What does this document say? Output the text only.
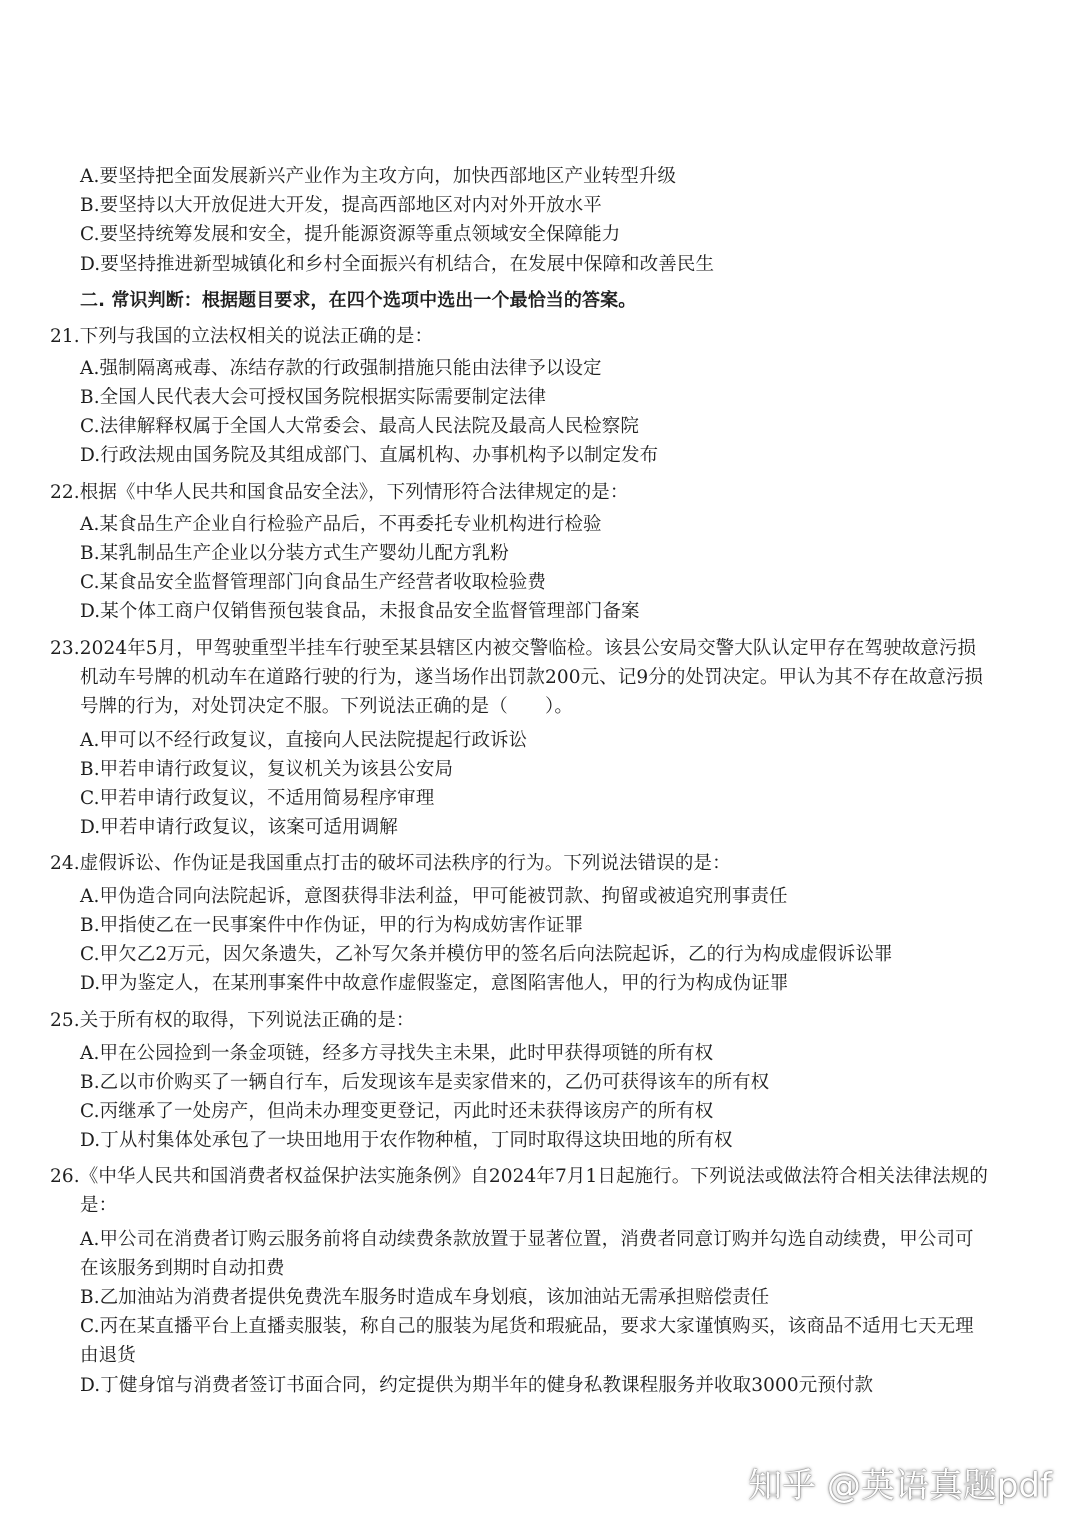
A.要坚持把全面发展新兴产业作为主攻方向，加快西部地区产业转型升级
B.要坚持以大开放促进大开发，提高西部地区对内对外开放水平
C.要坚持统筹发展和安全，提升能源资源等重点领域安全保障能力
D.要坚持推进新型城镇化和乡村全面振兴有机结合，在发展中保障和改善民生
二. 常识判断：根据题目要求，在四个选项中选出一个最恰当的答案。
21.下列与我国的立法权相关的说法正确的是：
A.强制隔离戒毒、冻结存款的行政强制措施只能由法律予以设定
B.全国人民代表大会可授权国务院根据实际需要制定法律
C.法律解释权属于全国人大常委会、最高人民法院及最高人民检察院
D.行政法规由国务院及其组成部门、直属机构、办事机构予以制定发布
22.根据《中华人民共和国食品安全法》，下列情形符合法律规定的是：
A.某食品生产企业自行检验产品后，不再委托专业机构进行检验
B.某乳制品生产企业以分装方式生产婴幼儿配方乳粉
C.某食品安全监督管理部门向食品生产经营者收取检验费
D.某个体工商户仅销售预包装食品，未报食品安全监督管理部门备案
23.2024年5月，甲驾驶重型半挂车行驶至某县辖区内被交警临检。该县公安局交警大队认定甲存在驾驶故意污损
机动车号牌的机动车在道路行驶的行为，遂当场作出罚款200元、记9分的处罚决定。甲认为其不存在故意污损
号牌的行为，对处罚决定不服。下列说法正确的是（　　）。
A.甲可以不经行政复议，直接向人民法院提起行政诉讼
B.甲若申请行政复议，复议机关为该县公安局
C.甲若申请行政复议，不适用简易程序审理
D.甲若申请行政复议，该案可适用调解
24.虚假诉讼、作伪证是我国重点打击的破坏司法秩序的行为。下列说法错误的是：
A.甲伪造合同向法院起诉，意图获得非法利益，甲可能被罚款、拘留或被追究刑事责任
B.甲指使乙在一民事案件中作伪证，甲的行为构成妨害作证罪
C.甲欠乙2万元，因欠条遗失，乙补写欠条并模仿甲的签名后向法院起诉，乙的行为构成虚假诉讼罪
D.甲为鉴定人，在某刑事案件中故意作虚假鉴定，意图陷害他人，甲的行为构成伪证罪
25.关于所有权的取得，下列说法正确的是：
A.甲在公园捡到一条金项链，经多方寻找失主未果，此时甲获得项链的所有权
B.乙以市价购买了一辆自行车，后发现该车是卖家借来的，乙仍可获得该车的所有权
C.丙继承了一处房产，但尚未办理变更登记，丙此时还未获得该房产的所有权
D.丁从村集体处承包了一块田地用于农作物种植，丁同时取得这块田地的所有权
26.《中华人民共和国消费者权益保护法实施条例》自2024年7月1日起施行。下列说法或做法符合相关法律法规的
是：
A.甲公司在消费者订购云服务前将自动续费条款放置于显著位置，消费者同意订购并勾选自动续费，甲公司可
在该服务到期时自动扣费
B.乙加油站为消费者提供免费洗车服务时造成车身划痕，该加油站无需承担赔偿责任
C.丙在某直播平台上直播卖服装，称自己的服装为尾货和瑕疵品，要求大家谨慎购买，该商品不适用七天无理
由退货
D.丁健身馆与消费者签订书面合同，约定提供为期半年的健身私教课程服务并收取3000元预付款
知乎 @英语真题pdf
